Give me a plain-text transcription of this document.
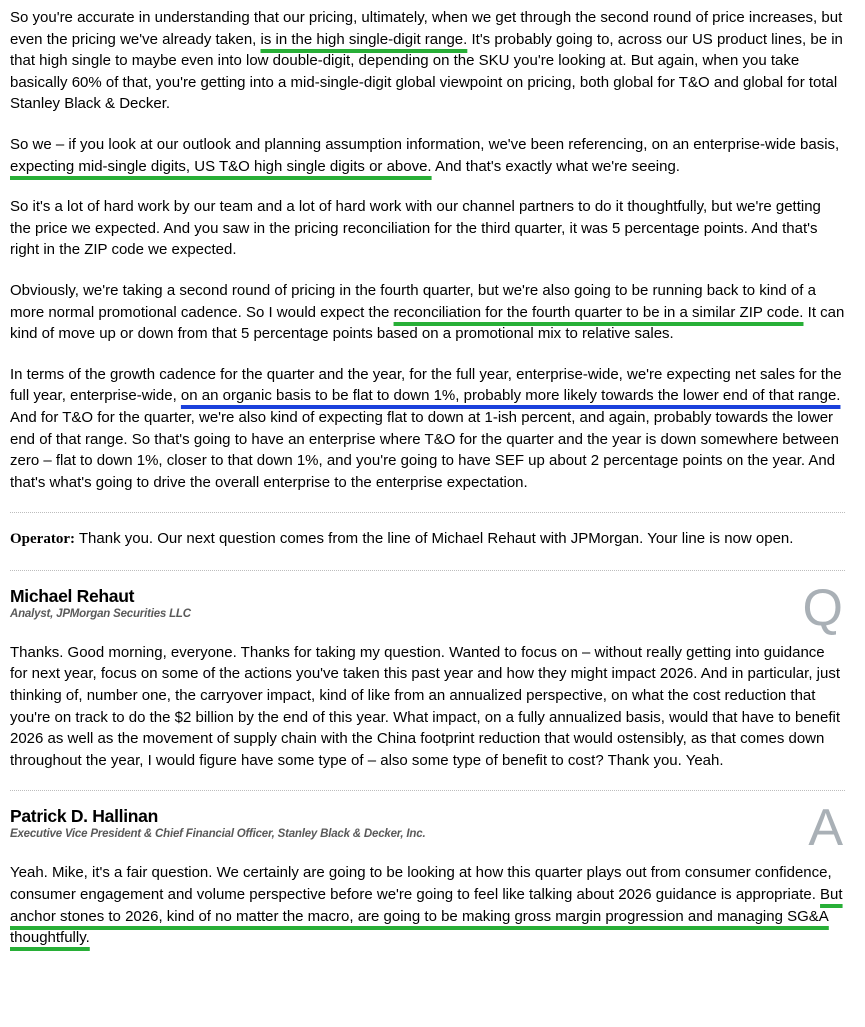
So you're accurate in understanding that our pricing, ultimately, when we get through the second round of price increases, but even the pricing we've already taken, is in the high single-digit range. It's probably going to, across our US product lines, be in that high single to maybe even into low double-digit, depending on the SKU you're looking at. But again, when you take basically 60% of that, you're getting into a mid-single-digit global viewpoint on pricing, both global for T&O and global for total Stanley Black & Decker.

So we – if you look at our outlook and planning assumption information, we've been referencing, on an enterprise-wide basis, expecting mid-single digits, US T&O high single digits or above. And that's exactly what we're seeing.

So it's a lot of hard work by our team and a lot of hard work with our channel partners to do it thoughtfully, but we're getting the price we expected. And you saw in the pricing reconciliation for the third quarter, it was 5 percentage points. And that's right in the ZIP code we expected.

Obviously, we're taking a second round of pricing in the fourth quarter, but we're also going to be running back to kind of a more normal promotional cadence. So I would expect the reconciliation for the fourth quarter to be in a similar ZIP code. It can kind of move up or down from that 5 percentage points based on a promotional mix to relative sales.

In terms of the growth cadence for the quarter and the year, for the full year, enterprise-wide, we're expecting net sales for the full year, enterprise-wide, on an organic basis to be flat to down 1%, probably more likely towards the lower end of that range. And for T&O for the quarter, we're also kind of expecting flat to down at 1-ish percent, and again, probably towards the lower end of that range. So that's going to have an enterprise where T&O for the quarter and the year is down somewhere between zero – flat to down 1%, closer to that down 1%, and you're going to have SEF up about 2 percentage points on the year. And that's what's going to drive the overall enterprise to the enterprise expectation.

Operator: Thank you. Our next question comes from the line of Michael Rehaut with JPMorgan. Your line is now open.

Michael Rehaut
Analyst, JPMorgan Securities LLC	Q

Thanks. Good morning, everyone. Thanks for taking my question. Wanted to focus on – without really getting into guidance for next year, focus on some of the actions you've taken this past year and how they might impact 2026. And in particular, just thinking of, number one, the carryover impact, kind of like from an annualized perspective, on what the cost reduction that you're on track to do the $2 billion by the end of this year. What impact, on a fully annualized basis, would that have to benefit 2026 as well as the movement of supply chain with the China footprint reduction that would ostensibly, as that comes down throughout the year, I would figure have some type of – also some type of benefit to cost? Thank you. Yeah.

Patrick D. Hallinan
Executive Vice President & Chief Financial Officer, Stanley Black & Decker, Inc.	A

Yeah. Mike, it's a fair question. We certainly are going to be looking at how this quarter plays out from consumer confidence, consumer engagement and volume perspective before we're going to feel like talking about 2026 guidance is appropriate. But anchor stones to 2026, kind of no matter the macro, are going to be making gross margin progression and managing SG&A thoughtfully.
